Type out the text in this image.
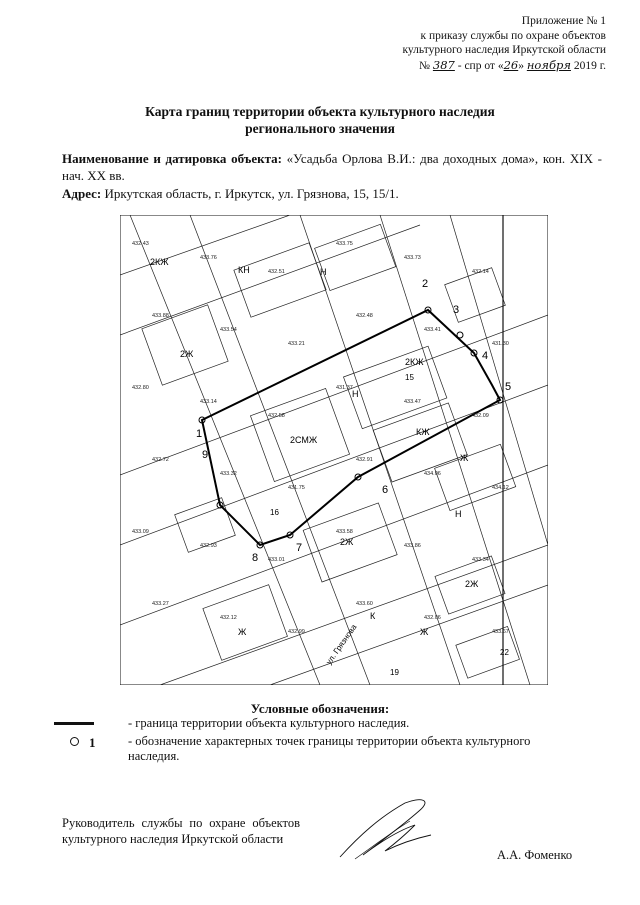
Приложение № 1
к приказу службы по охране объектов
культурного наследия Иркутской области
№ 387 - спр от «26» ноября 2019 г.
Карта границ территории объекта культурного наследия
регионального значения
Наименование и датировка объекта: «Усадьба Орлова В.И.: два доходных дома», кон. XIX - нач. XX вв.
Адрес: Иркутская область, г. Иркутск, ул. Грязнова, 15, 15/1.
1
2
3
4
5
6
7
8
9
2Ж
2КЖ
2СМЖ
КЖ
Ж
Н
КН
2Ж
2КЖ
Ж
Н
К
2Ж
Ж
Н
15
19
22
16
ул. Грязнова
432.43
433.76
432.51
433.75
433.73
432.14
433.88
433.54
433.21
432.48
433.41
431.30
432.80
433.14
432.58
431.37
433.47
432.09
432.72
433.32
431.75
432.91
434.06
434.12
433.09
432.93
433.01
433.58
433.86
433.34
433.27
432.12
432.99
433.60
432.06
433.67
Условные обозначения:
- граница территории объекта культурного наследия.
1	- обозначение характерных точек границы территории объекта культурного наследия.
Руководитель службы по охране объектов культурного наследия Иркутской области
А.А. Фоменко
